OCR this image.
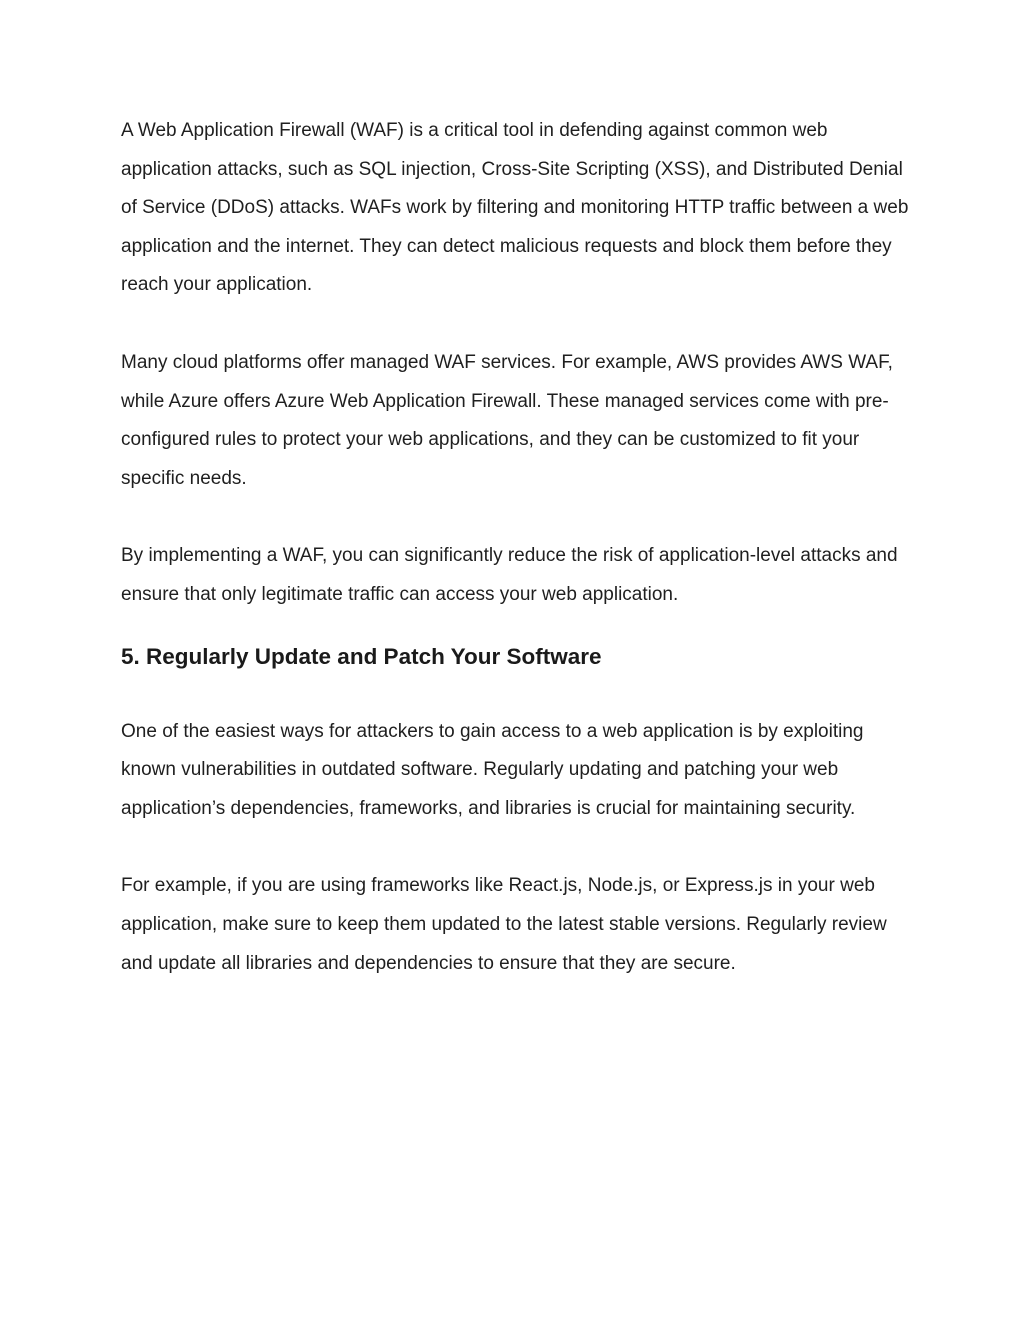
A Web Application Firewall (WAF) is a critical tool in defending against common web application attacks, such as SQL injection, Cross-Site Scripting (XSS), and Distributed Denial of Service (DDoS) attacks. WAFs work by filtering and monitoring HTTP traffic between a web application and the internet. They can detect malicious requests and block them before they reach your application.

Many cloud platforms offer managed WAF services. For example, AWS provides AWS WAF, while Azure offers Azure Web Application Firewall. These managed services come with pre-configured rules to protect your web applications, and they can be customized to fit your specific needs.

By implementing a WAF, you can significantly reduce the risk of application-level attacks and ensure that only legitimate traffic can access your web application.

5. Regularly Update and Patch Your Software

One of the easiest ways for attackers to gain access to a web application is by exploiting known vulnerabilities in outdated software. Regularly updating and patching your web application’s dependencies, frameworks, and libraries is crucial for maintaining security.

For example, if you are using frameworks like React.js, Node.js, or Express.js in your web application, make sure to keep them updated to the latest stable versions. Regularly review and update all libraries and dependencies to ensure that they are secure.
